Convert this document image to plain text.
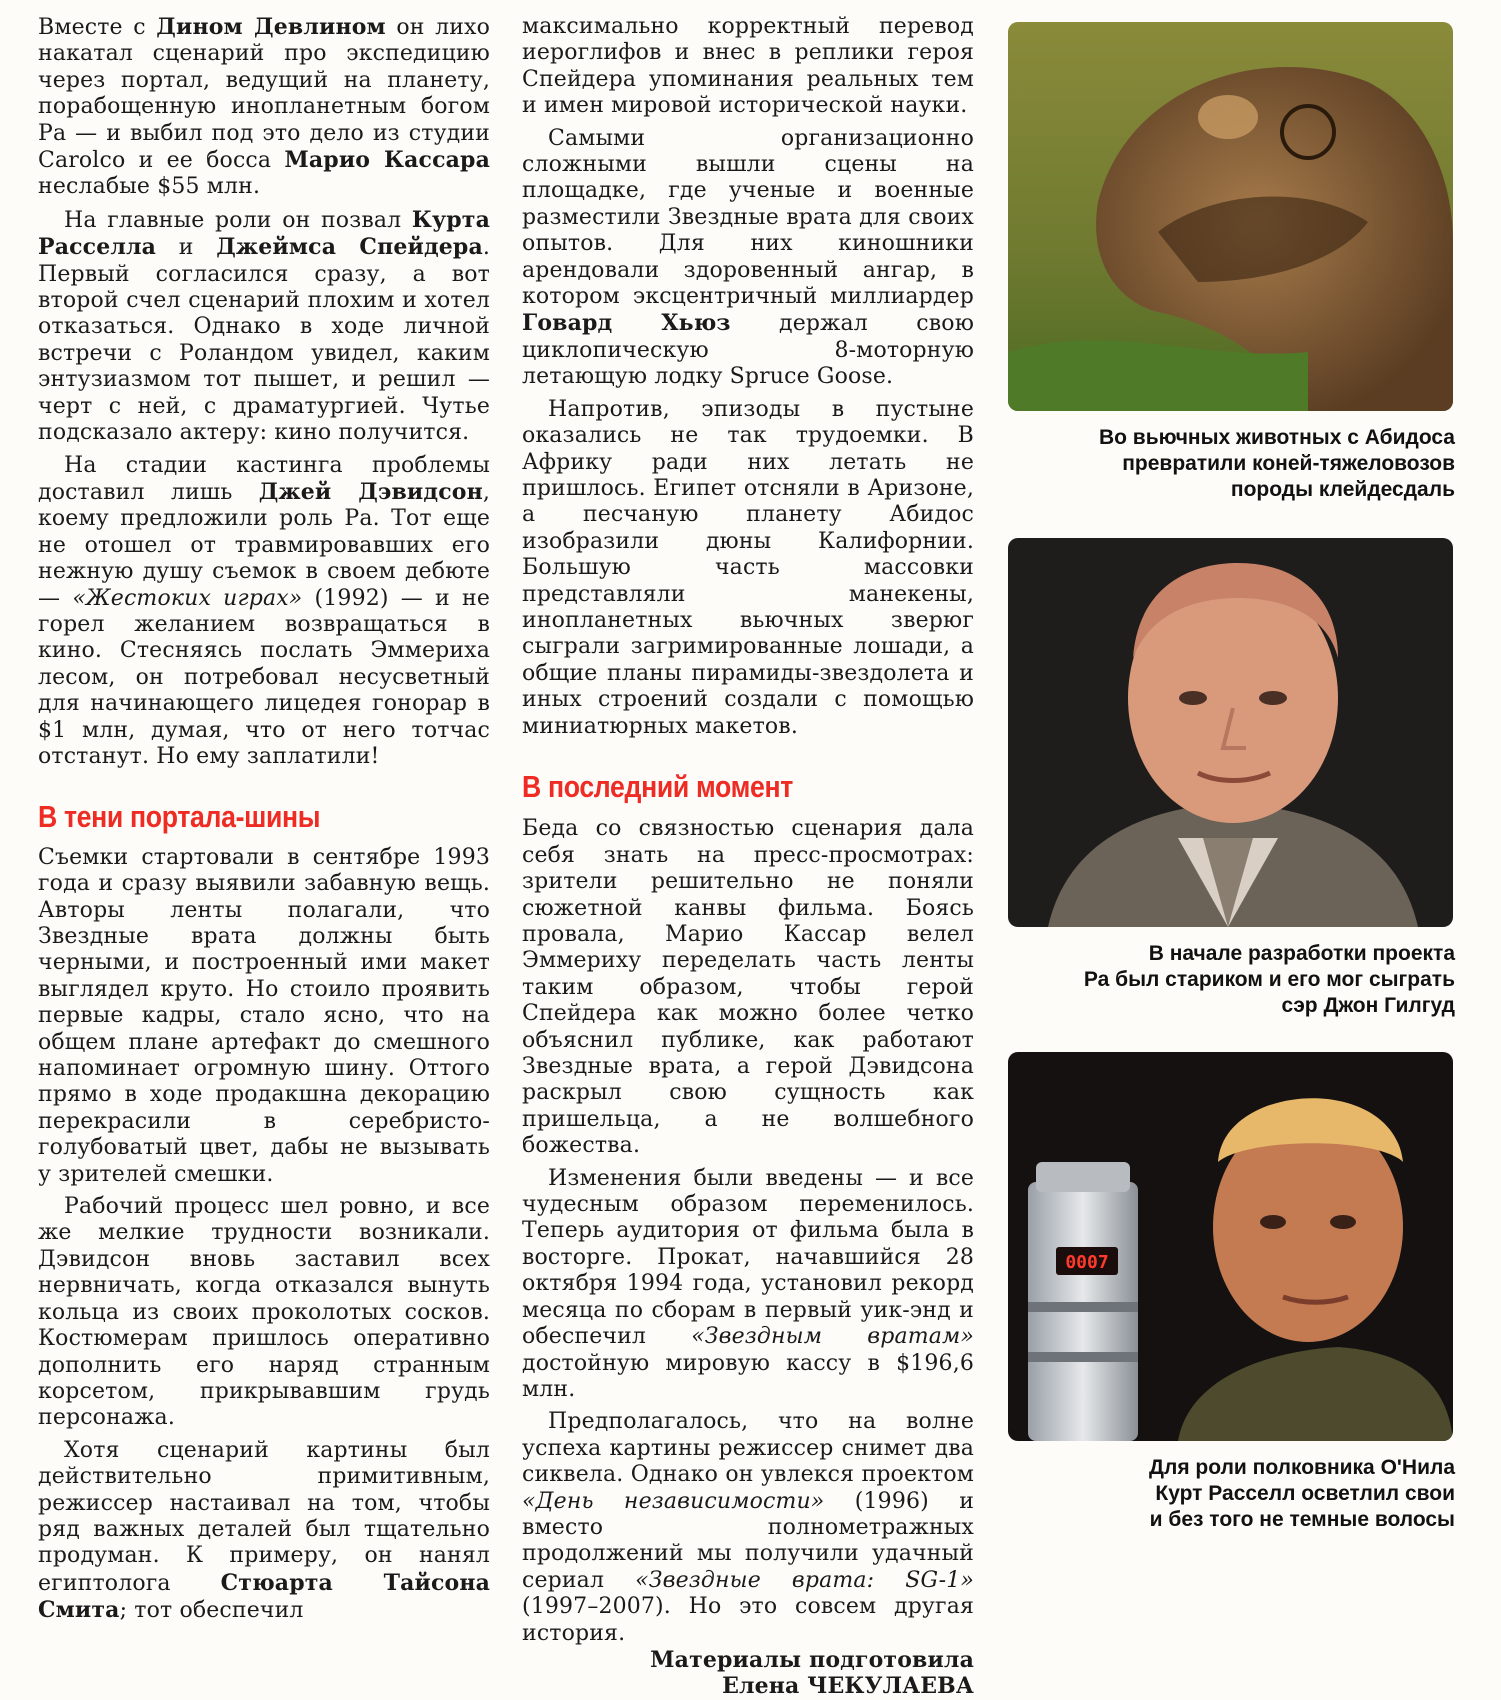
Вместе с Дином Девлином он лихо накатал сценарий про экспедицию через портал, ведущий на планету, порабощенную инопланетным богом Ра — и выбил под это дело из студии Carolco и ее босса Марио Кассара неслабые $55 млн.

На главные роли он позвал Курта Расселла и Джеймса Спейдера. Первый согласился сразу, а вот второй счел сценарий плохим и хотел отказаться. Однако в ходе личной встречи с Роландом увидел, каким энтузиазмом тот пышет, и решил — черт с ней, с драматургией. Чутье подсказало актеру: кино получится.

На стадии кастинга проблемы доставил лишь Джей Дэвидсон, коему предложили роль Ра. Тот еще не отошел от травмировавших его нежную душу съемок в своем дебюте — «Жестоких играх» (1992) — и не горел желанием возвращаться в кино. Стесняясь послать Эммериха лесом, он потребовал несусветный для начинающего лицедея гонорар в $1 млн, думая, что от него тотчас отстанут. Но ему заплатили!

В тени портала-шины

Съемки стартовали в сентябре 1993 года и сразу выявили забавную вещь. Авторы ленты полагали, что Звездные врата должны быть черными, и построенный ими макет выглядел круто. Но стоило проявить первые кадры, стало ясно, что на общем плане артефакт до смешного напоминает огромную шину. Оттого прямо в ходе продакшна декорацию перекрасили в серебристо-голубоватый цвет, дабы не вызывать у зрителей смешки.

Рабочий процесс шел ровно, и все же мелкие трудности возникали. Дэвидсон вновь заставил всех нервничать, когда отказался вынуть кольца из своих проколотых сосков. Костюмерам пришлось оперативно дополнить его наряд странным корсетом, прикрывавшим грудь персонажа.

Хотя сценарий картины был действительно примитивным, режиссер настаивал на том, чтобы ряд важных деталей был тщательно продуман. К примеру, он нанял египтолога Стюарта Тайсона Смита; тот обеспечил

максимально корректный перевод иероглифов и внес в реплики героя Спейдера упоминания реальных тем и имен мировой исторической науки.

Самыми организационно сложными вышли сцены на площадке, где ученые и военные разместили Звездные врата для своих опытов. Для них киношники арендовали здоровенный ангар, в котором эксцентричный миллиардер Говард Хьюз держал свою циклопическую 8-моторную летающую лодку Spruce Goose.

Напротив, эпизоды в пустыне оказались не так трудоемки. В Африку ради них летать не пришлось. Египет отсняли в Аризоне, а песчаную планету Абидос изобразили дюны Калифорнии. Большую часть массовки представляли манекены, инопланетных вьючных зверюг сыграли загримированные лошади, а общие планы пирамиды-звездолета и иных строений создали с помощью миниатюрных макетов.

В последний момент

Беда со связностью сценария дала себя знать на пресс-просмотрах: зрители решительно не поняли сюжетной канвы фильма. Боясь провала, Марио Кассар велел Эммериху переделать часть ленты таким образом, чтобы герой Спейдера как можно более четко объяснил публике, как работают Звездные врата, а герой Дэвидсона раскрыл свою сущность как пришельца, а не волшебного божества.

Изменения были введены — и все чудесным образом переменилось. Теперь аудитория от фильма была в восторге. Прокат, начавшийся 28 октября 1994 года, установил рекорд месяца по сборам в первый уик-энд и обеспечил «Звездным вратам» достойную мировую кассу в $196,6 млн.

Предполагалось, что на волне успеха картины режиссер снимет два сиквела. Однако он увлекся проектом «День независимости» (1996) и вместо полнометражных продолжений мы получили удачный сериал «Звездные врата: SG-1» (1997–2007). Но это совсем другая история.

Материалы подготовила

Елена ЧЕКУЛАЕВА

Во вьючных животных с Абидоса
превратили коней-тяжеловозов
породы клейдесдаль
В начале разработки проекта
Ра был стариком и его мог сыграть
сэр Джон Гилгуд
0007
Для роли полковника О'Нила
Курт Расселл осветлил свои
и без того не темные волосы
